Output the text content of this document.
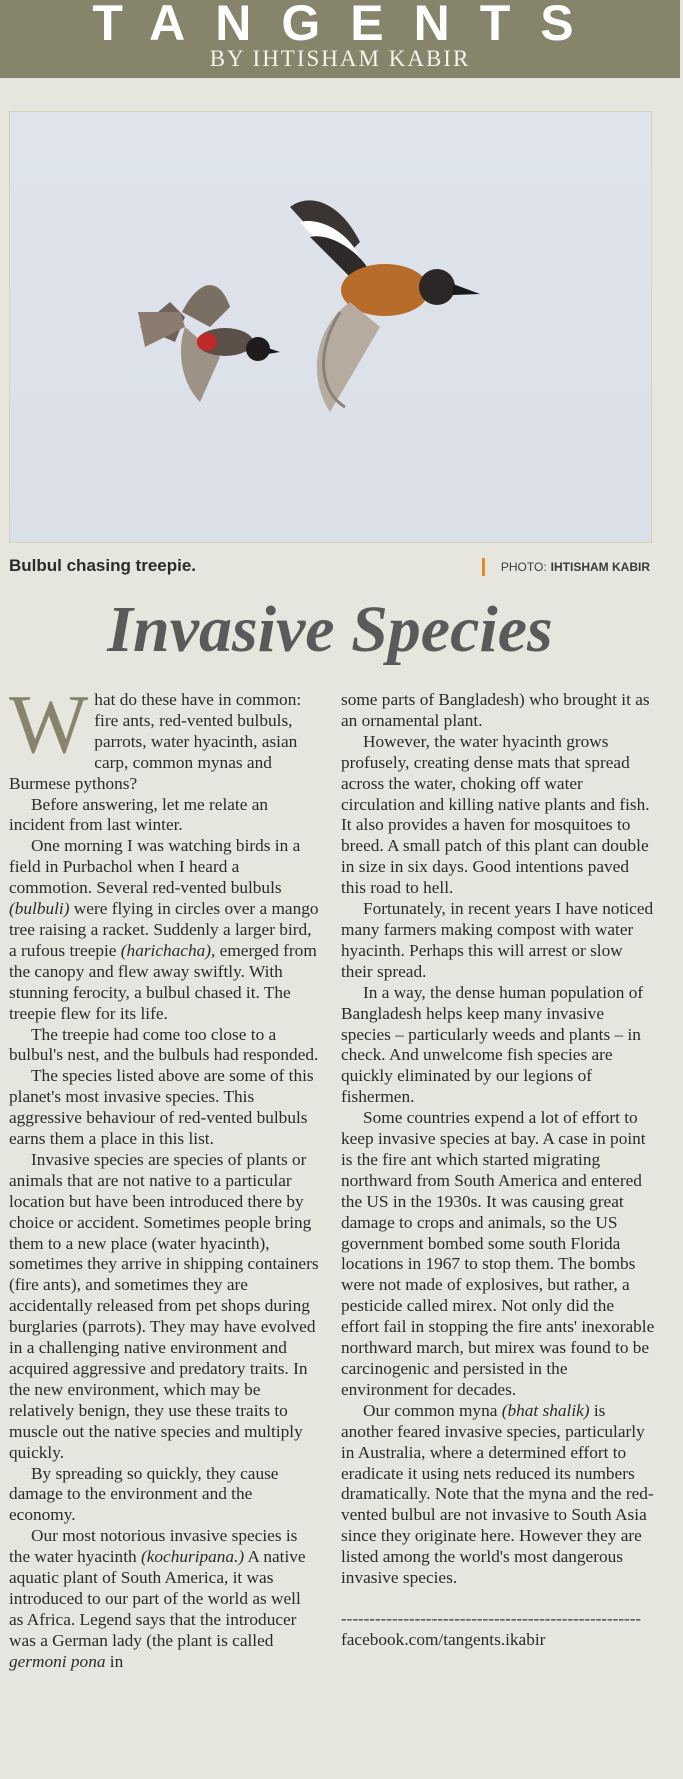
TANGENTS
BY IHTISHAM KABIR
Bulbul chasing treepie.	PHOTO: IHTISHAM KABIR
Invasive Species

What do these have in common: fire ants, red-vented bulbuls, parrots, water hyacinth, asian carp, common mynas and Burmese pythons?

Before answering, let me relate an incident from last winter.

One morning I was watching birds in a field in Purbachol when I heard a commotion. Several red-vented bulbuls (bulbuli) were flying in circles over a mango tree raising a racket. Suddenly a larger bird, a rufous treepie (harichacha), emerged from the canopy and flew away swiftly. With stunning ferocity, a bulbul chased it. The treepie flew for its life.

The treepie had come too close to a bulbul's nest, and the bulbuls had responded.

The species listed above are some of this planet's most invasive species. This aggressive behaviour of red-vented bulbuls earns them a place in this list.

Invasive species are species of plants or animals that are not native to a particular location but have been introduced there by choice or accident. Sometimes people bring them to a new place (water hyacinth), sometimes they arrive in shipping containers (fire ants), and sometimes they are accidentally released from pet shops during burglaries (parrots). They may have evolved in a challenging native environment and acquired aggressive and predatory traits. In the new environment, which may be relatively benign, they use these traits to muscle out the native species and multiply quickly.

By spreading so quickly, they cause damage to the environment and the economy.

Our most notorious invasive species is the water hyacinth (kochuripana.) A native aquatic plant of South America, it was introduced to our part of the world as well as Africa. Legend says that the introducer was a German lady (the plant is called germoni pona in

some parts of Bangladesh) who brought it as an ornamental plant.

However, the water hyacinth grows profusely, creating dense mats that spread across the water, choking off water circulation and killing native plants and fish. It also provides a haven for mosquitoes to breed. A small patch of this plant can double in size in six days. Good intentions paved this road to hell.

Fortunately, in recent years I have noticed many farmers making compost with water hyacinth. Perhaps this will arrest or slow their spread.

In a way, the dense human population of Bangladesh helps keep many invasive species – particularly weeds and plants – in check. And unwelcome fish species are quickly eliminated by our legions of fishermen.

Some countries expend a lot of effort to keep invasive species at bay. A case in point is the fire ant which started migrating northward from South America and entered the US in the 1930s. It was causing great damage to crops and animals, so the US government bombed some south Florida locations in 1967 to stop them. The bombs were not made of explosives, but rather, a pesticide called mirex. Not only did the effort fail in stopping the fire ants' inexorable northward march, but mirex was found to be carcinogenic and persisted in the environment for decades.

Our common myna (bhat shalik) is another feared invasive species, particularly in Australia, where a determined effort to eradicate it using nets reduced its numbers dramatically. Note that the myna and the red-vented bulbul are not invasive to South Asia since they originate here. However they are listed among the world's most dangerous invasive species.

-----------------------------------------------------
facebook.com/tangents.ikabir
